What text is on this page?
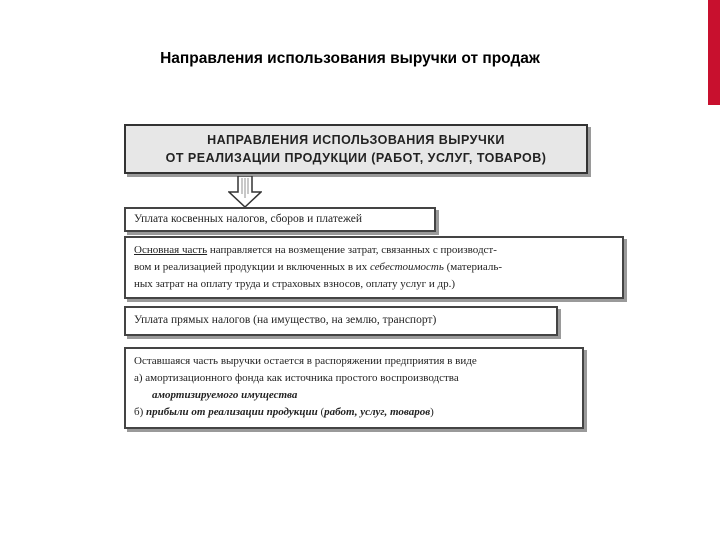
Направления использования выручки от продаж
НАПРАВЛЕНИЯ ИСПОЛЬЗОВАНИЯ ВЫРУЧКИ
ОТ РЕАЛИЗАЦИИ ПРОДУКЦИИ (РАБОТ, УСЛУГ, ТОВАРОВ)
Уплата косвенных налогов, сборов и платежей
Основная часть направляется на возмещение затрат, связанных с производст-
вом и реализацией продукции и включенных в их себестоимость (материаль-
ных затрат на оплату труда и страховых взносов, оплату услуг и др.)
Уплата прямых налогов (на имущество, на землю, транспорт)
Оставшаяся часть выручки остается в распоряжении предприятия в виде
а) амортизационного фонда как источника простого воспроизводства
амортизируемого имущества
б) прибыли от реализации продукции (работ, услуг, товаров)
